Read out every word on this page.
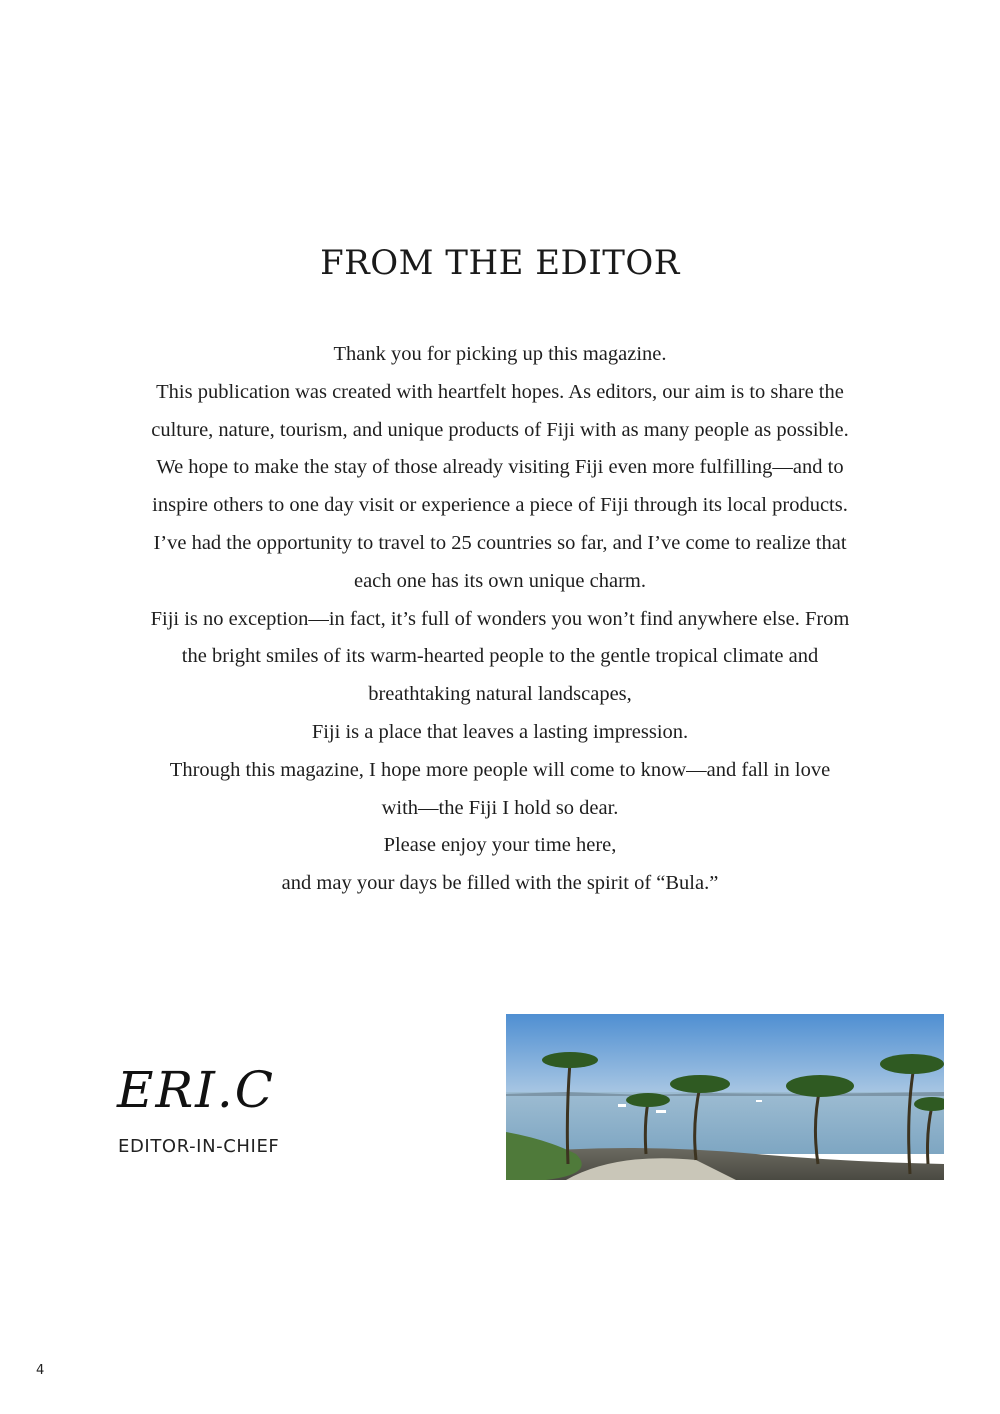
FROM THE EDITOR

Thank you for picking up this magazine.

This publication was created with heartfelt hopes. As editors, our aim is to share the culture, nature, tourism, and unique products of Fiji with as many people as possible.

We hope to make the stay of those already visiting Fiji even more fulfilling—and to inspire others to one day visit or experience a piece of Fiji through its local products.

I’ve had the opportunity to travel to 25 countries so far, and I’ve come to realize that each one has its own unique charm.

Fiji is no exception—in fact, it’s full of wonders you won’t find anywhere else. From the bright smiles of its warm-hearted people to the gentle tropical climate and breathtaking natural landscapes,

Fiji is a place that leaves a lasting impression.

Through this magazine, I hope more people will come to know—and fall in love with—the Fiji I hold so dear.

Please enjoy your time here,

and may your days be filled with the spirit of “Bula.”

ERI.C
EDITOR-IN-CHIEF
4
